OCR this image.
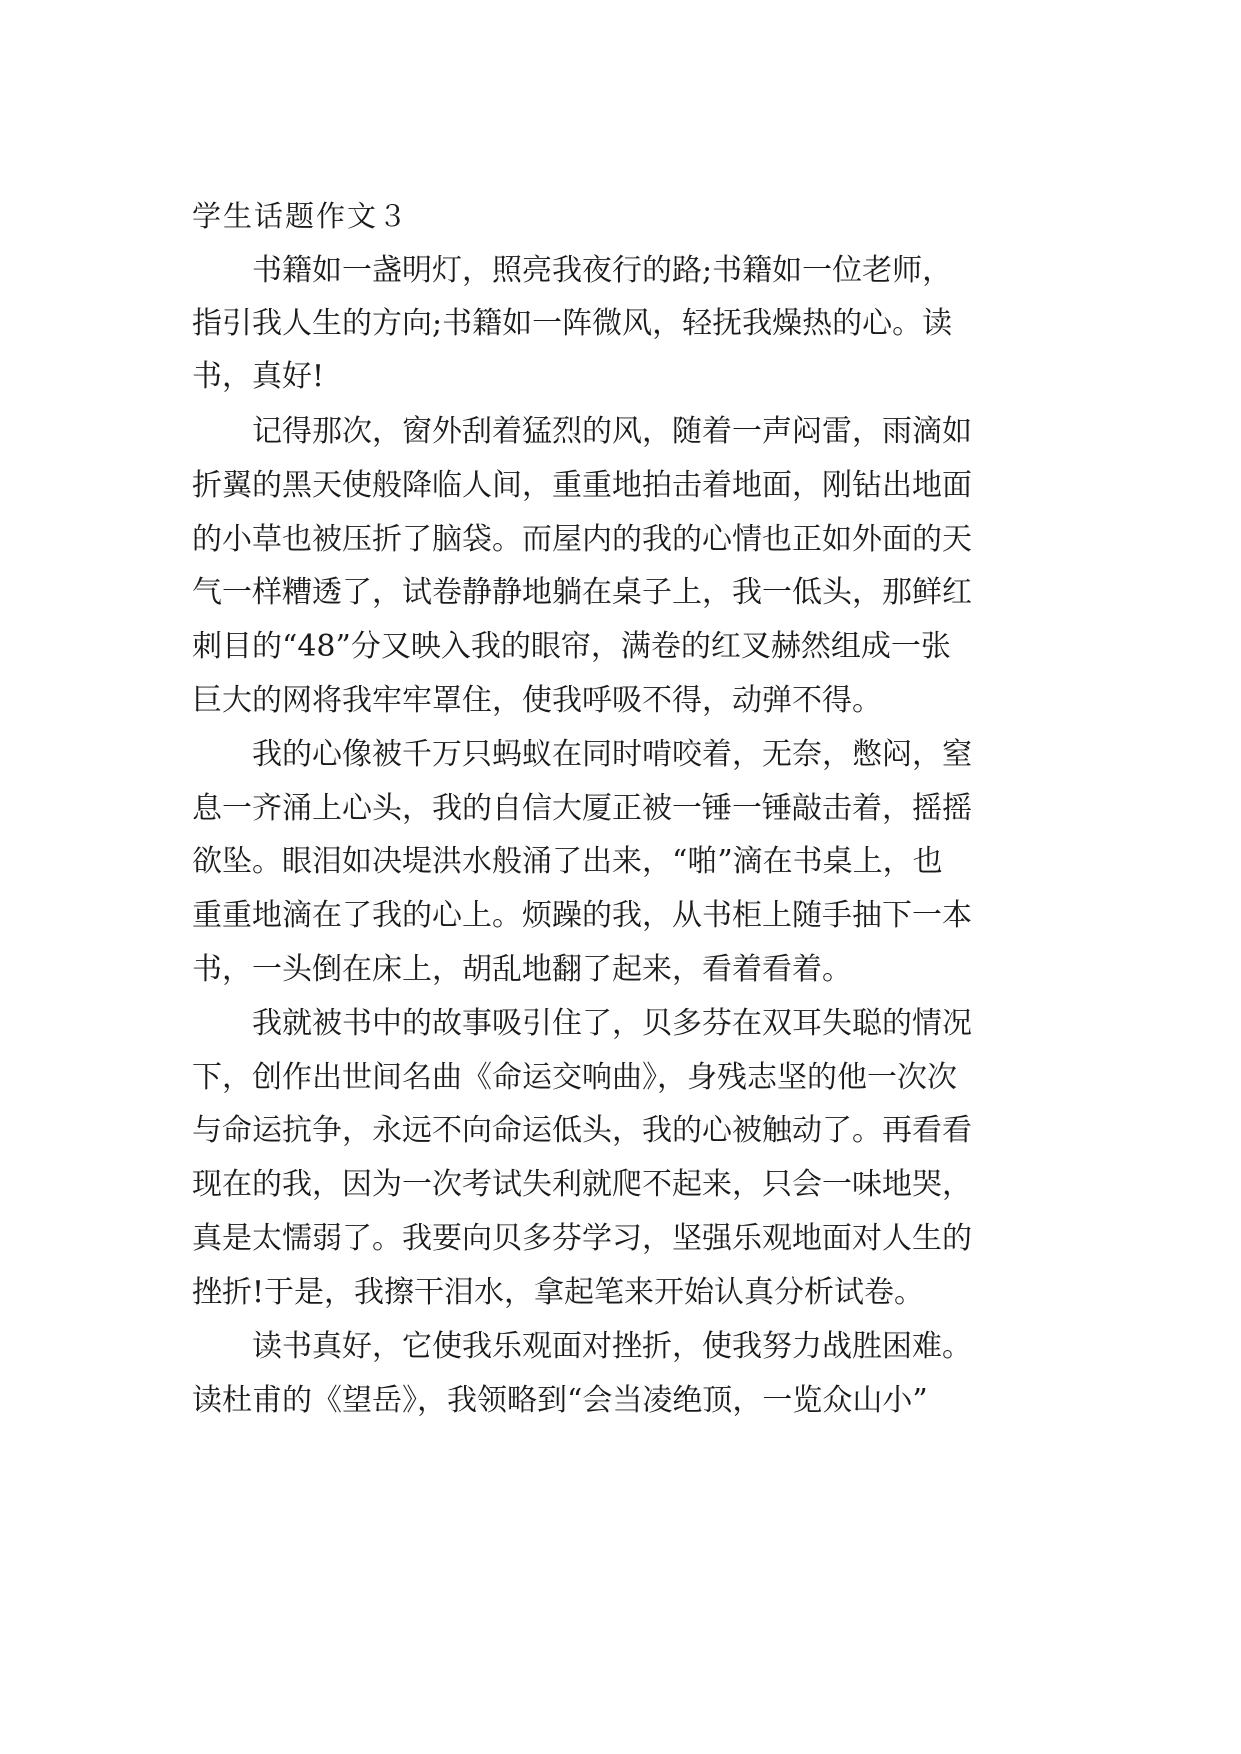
学生话题作文３
书籍如一盏明灯，照亮我夜行的路;书籍如一位老师，
指引我人生的方向;书籍如一阵微风，轻抚我燥热的心。读
书，真好!
记得那次，窗外刮着猛烈的风，随着一声闷雷，雨滴如
折翼的黑天使般降临人间，重重地拍击着地面，刚钻出地面
的小草也被压折了脑袋。而屋内的我的心情也正如外面的天
气一样糟透了，试卷静静地躺在桌子上，我一低头，那鲜红
刺目的“48”分又映入我的眼帘，满卷的红叉赫然组成一张
巨大的网将我牢牢罩住，使我呼吸不得，动弹不得。
我的心像被千万只蚂蚁在同时啃咬着，无奈，憋闷，窒
息一齐涌上心头，我的自信大厦正被一锤一锤敲击着，摇摇
欲坠。眼泪如决堤洪水般涌了出来，“啪”滴在书桌上，也
重重地滴在了我的心上。烦躁的我，从书柜上随手抽下一本
书，一头倒在床上，胡乱地翻了起来，看着看着。
我就被书中的故事吸引住了，贝多芬在双耳失聪的情况
下，创作出世间名曲《命运交响曲》，身残志坚的他一次次
与命运抗争，永远不向命运低头，我的心被触动了。再看看
现在的我，因为一次考试失利就爬不起来，只会一味地哭，
真是太懦弱了。我要向贝多芬学习，坚强乐观地面对人生的
挫折!于是，我擦干泪水，拿起笔来开始认真分析试卷。
读书真好，它使我乐观面对挫折，使我努力战胜困难。
读杜甫的《望岳》，我领略到“会当凌绝顶，一览众山小”
